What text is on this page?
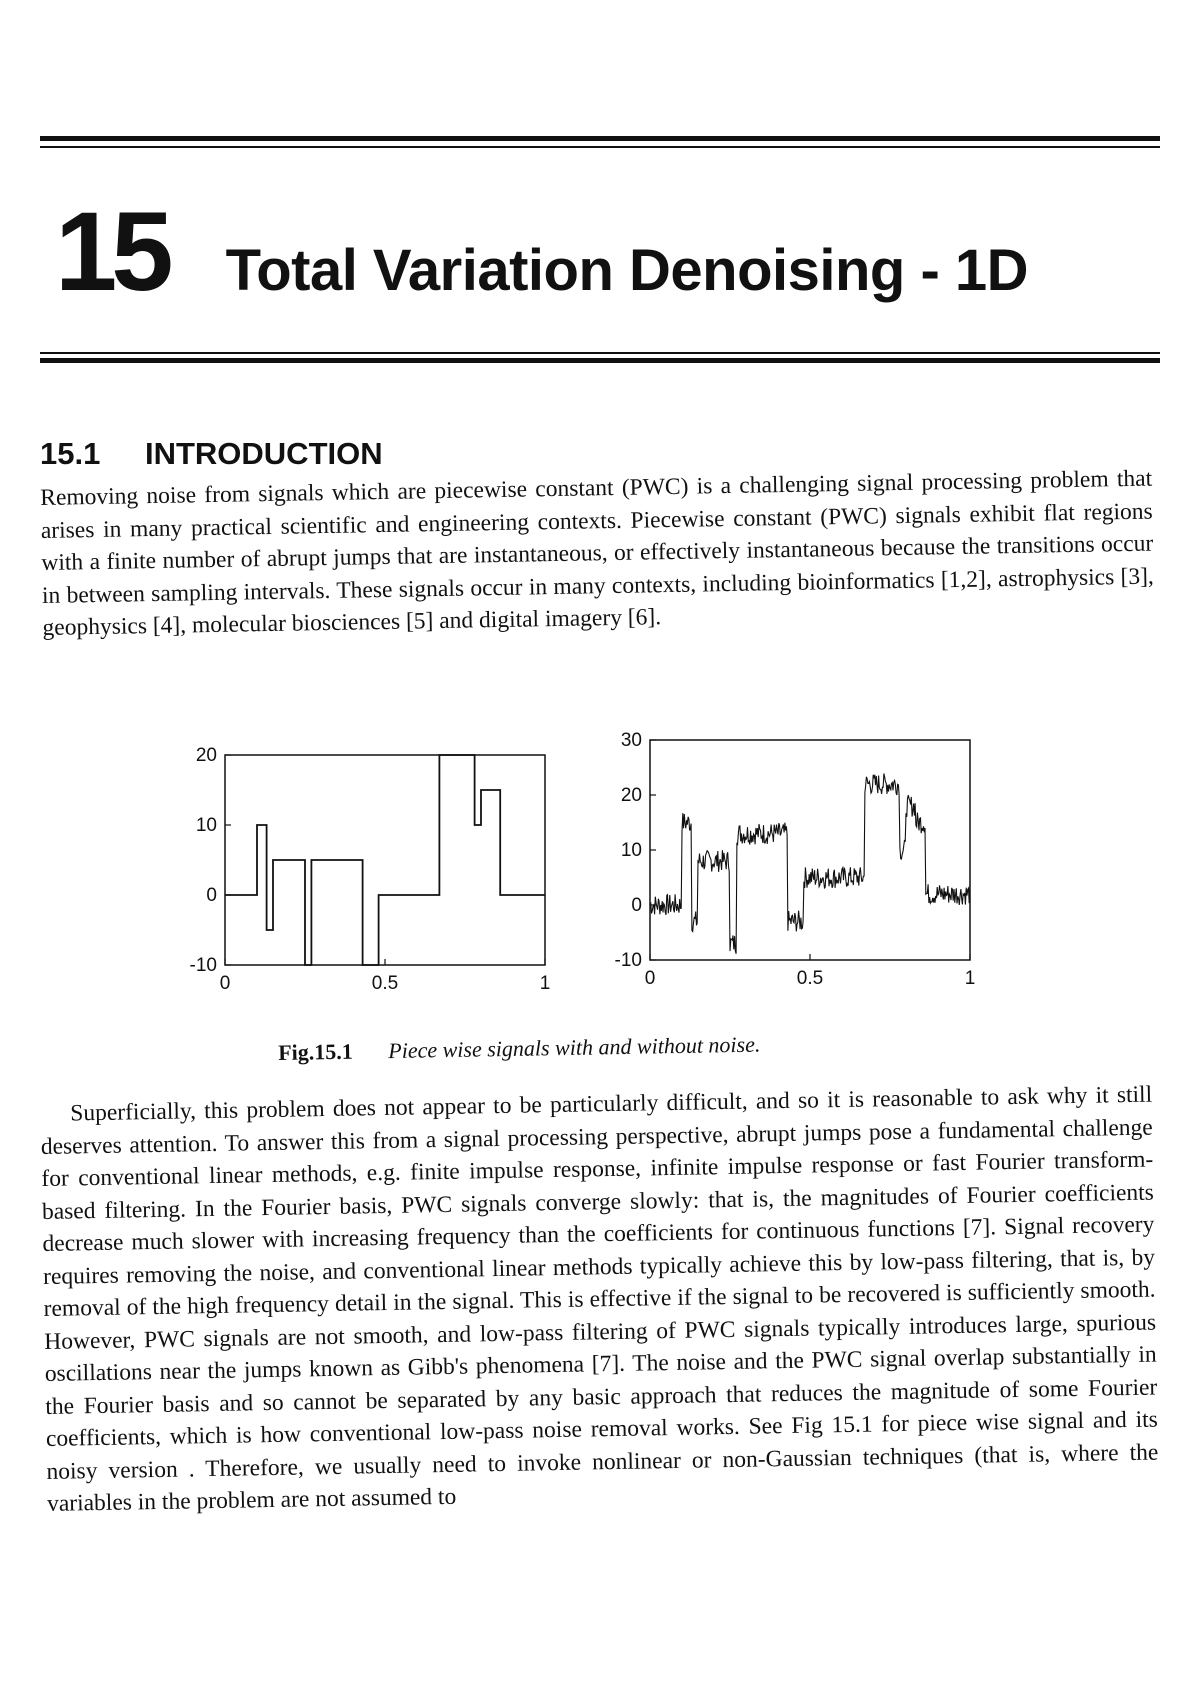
15 Total Variation Denoising - 1D
15.1 INTRODUCTION

Removing noise from signals which are piecewise constant (PWC) is a challenging signal processing problem that arises in many practical scientific and engineering contexts. Piecewise constant (PWC) signals exhibit flat regions with a finite number of abrupt jumps that are instantaneous, or effectively instantaneous because the transitions occur in between sampling intervals. These signals occur in many contexts, including bioinformatics [1,2], astrophysics [3], geophysics [4], molecular biosciences [5] and digital imagery [6].

-10
0
10
20
0	0.5	1
-10
0
10
20
30
0	0.5	1
Fig.15.1 Piece wise signals with and without noise.

Superficially, this problem does not appear to be particularly difficult, and so it is reasonable to ask why it still deserves attention. To answer this from a signal processing perspective, abrupt jumps pose a fundamental challenge for conventional linear methods, e.g. finite impulse response, infinite impulse response or fast Fourier transform-based filtering. In the Fourier basis, PWC signals converge slowly: that is, the magnitudes of Fourier coefficients decrease much slower with increasing frequency than the coefficients for continuous functions [7]. Signal recovery requires removing the noise, and conventional linear methods typically achieve this by low-pass filtering, that is, by removal of the high frequency detail in the signal. This is effective if the signal to be recovered is sufficiently smooth. However, PWC signals are not smooth, and low-pass filtering of PWC signals typically introduces large, spurious oscillations near the jumps known as Gibb's phenomena [7]. The noise and the PWC signal overlap substantially in the Fourier basis and so cannot be separated by any basic approach that reduces the magnitude of some Fourier coefficients, which is how conventional low-pass noise removal works. See Fig 15.1 for piece wise signal and its noisy version . Therefore, we usually need to invoke nonlinear or non-Gaussian techniques (that is, where the variables in the problem are not assumed to
